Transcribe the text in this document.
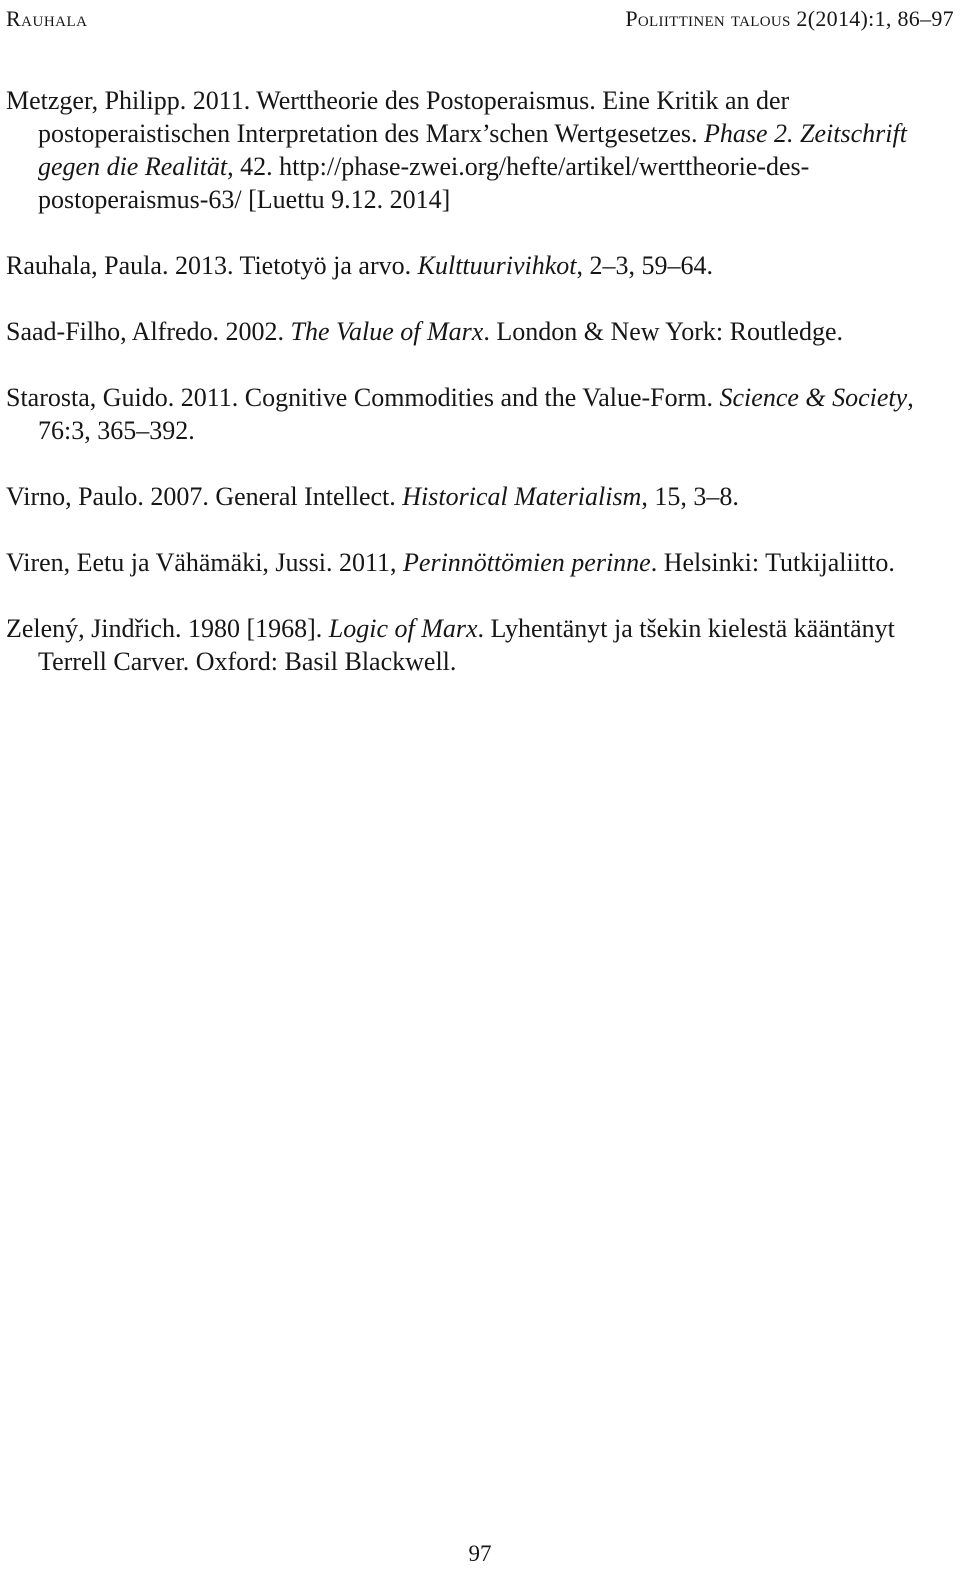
Rauhala	Poliittinen talous 2(2014):1, 86–97

Metzger, Philipp. 2011. Werttheorie des Postoperaismus. Eine Kritik an der postoperaistischen Interpretation des Marx’schen Wertgesetzes. Phase 2. Zeitschrift gegen die Realität, 42. http://phase-zwei.org/hefte/artikel/werttheorie-des-postoperaismus-63/ [Luettu 9.12. 2014]

Rauhala, Paula. 2013. Tietotyö ja arvo. Kulttuurivihkot, 2–3, 59–64.

Saad-Filho, Alfredo. 2002. The Value of Marx. London & New York: Routledge.

Starosta, Guido. 2011. Cognitive Commodities and the Value-Form. Science & Society, 76:3, 365–392.

Virno, Paulo. 2007. General Intellect. Historical Materialism, 15, 3–8.

Viren, Eetu ja Vähämäki, Jussi. 2011, Perinnöttömien perinne. Helsinki: Tutkijaliitto.

Zelený, Jindřich. 1980 [1968]. Logic of Marx. Lyhentänyt ja tšekin kielestä kääntänyt Terrell Carver. Oxford: Basil Blackwell.

97
